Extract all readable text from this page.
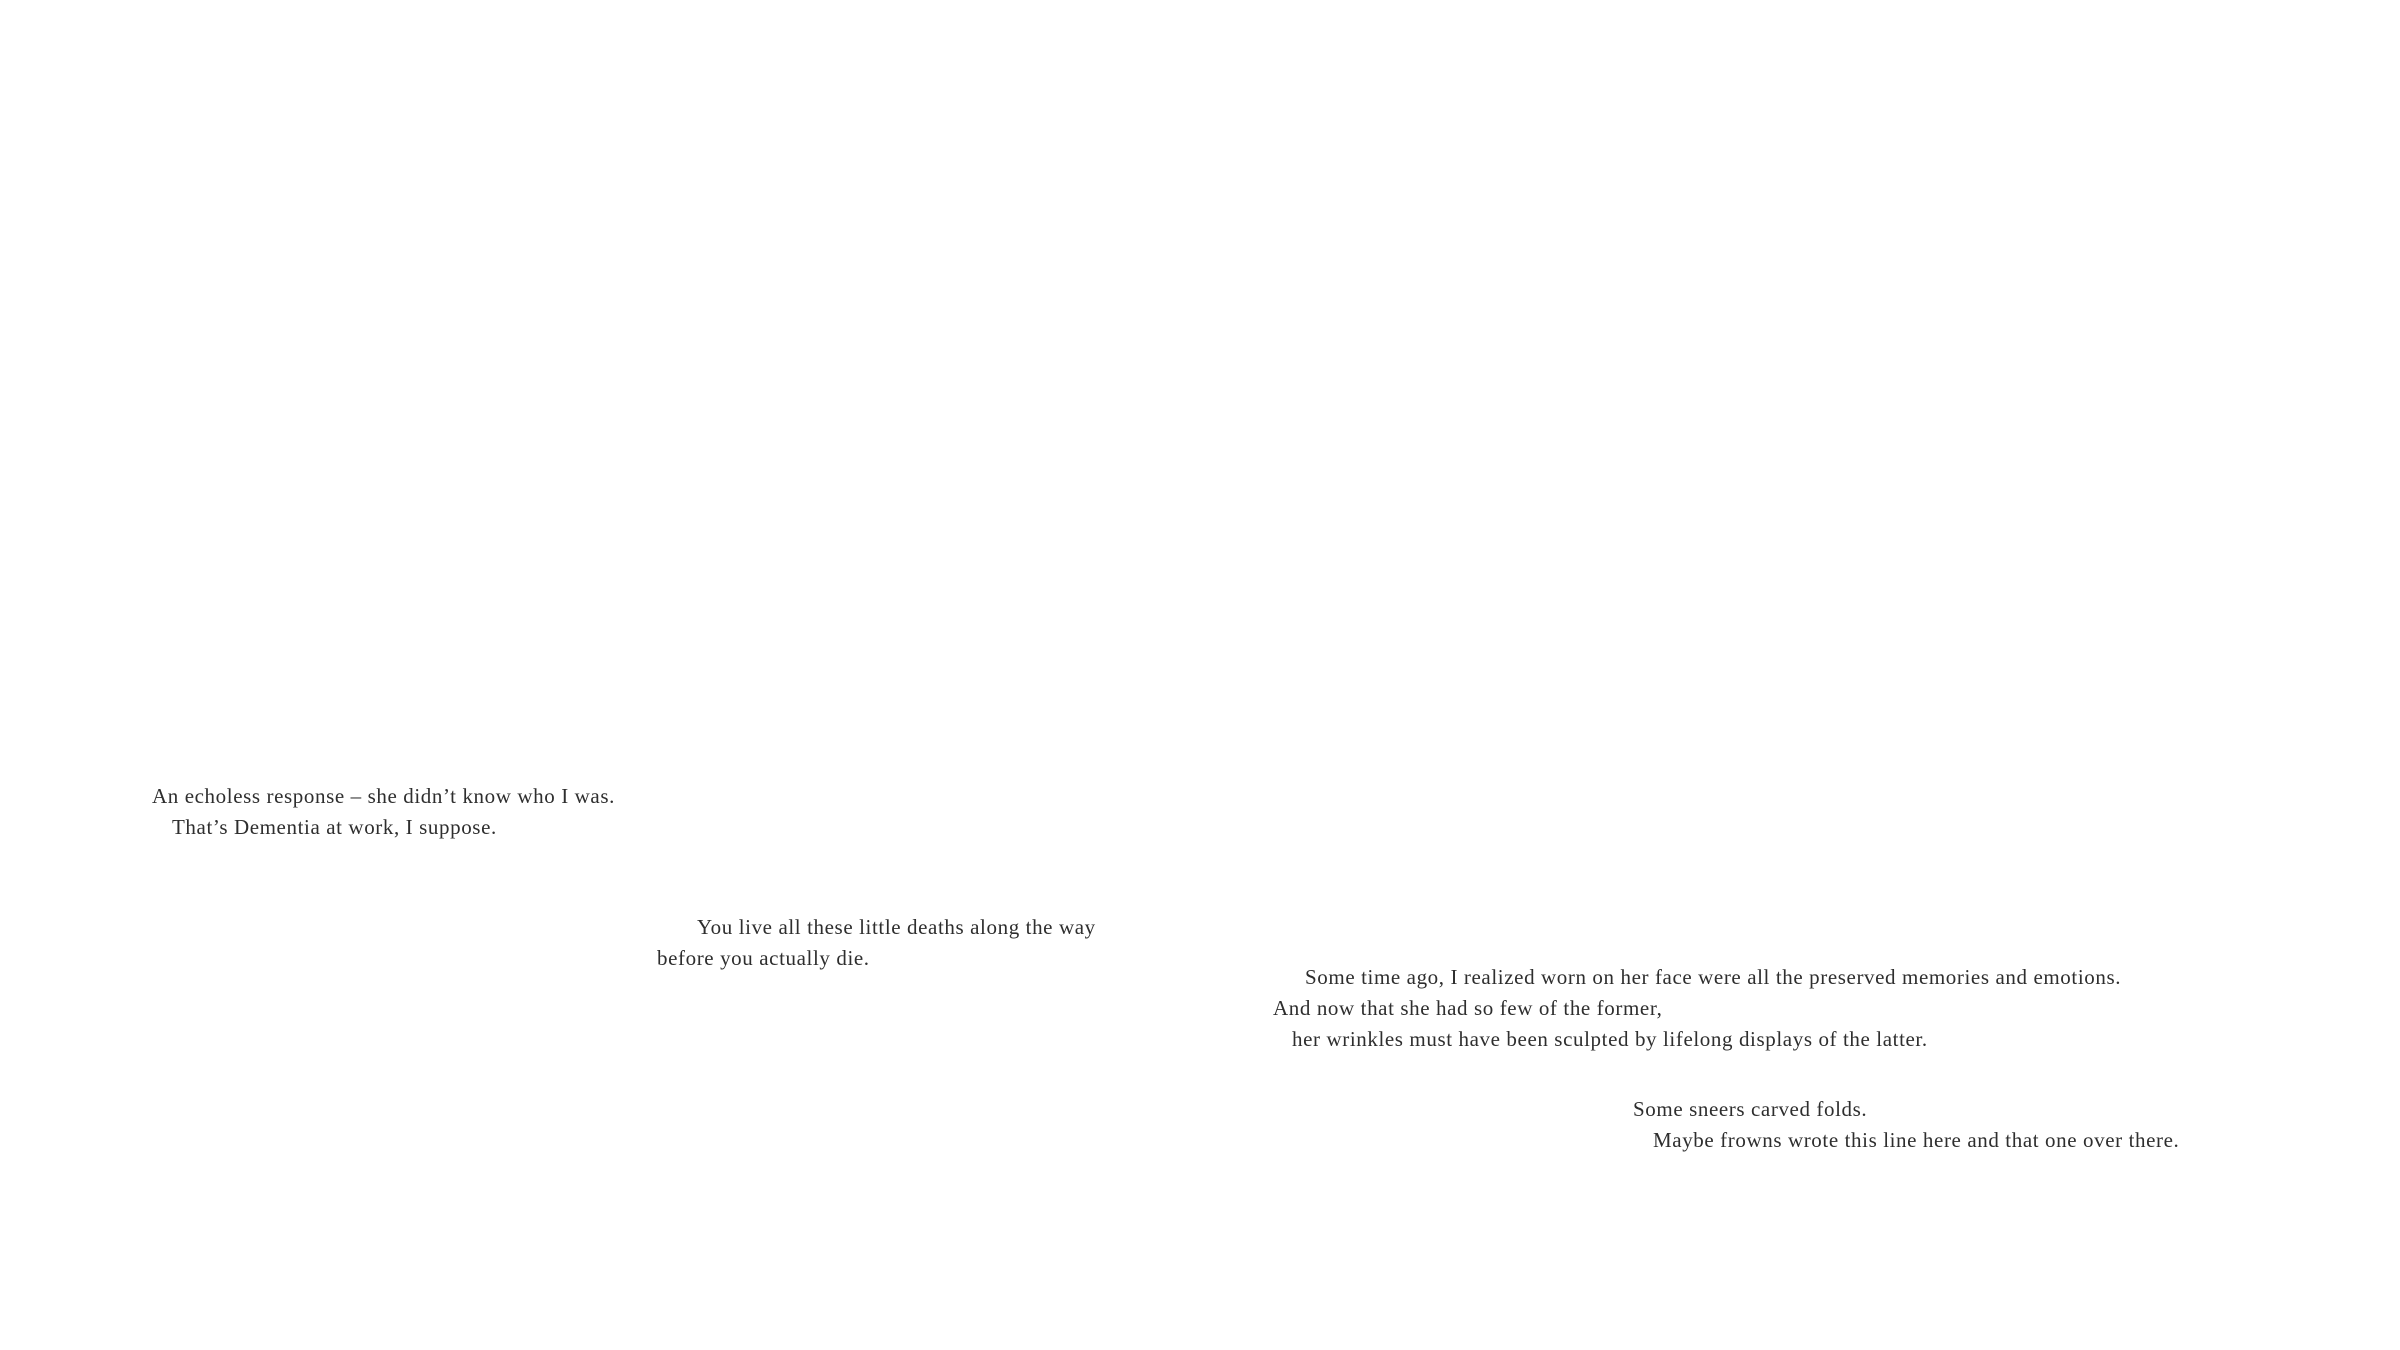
An echoless response – she didn’t know who I was.
That’s Dementia at work, I suppose.
You live all these little deaths along the way
before you actually die.
Some time ago, I realized worn on her face were all the preserved memories and emotions.
And now that she had so few of the former,
her wrinkles must have been sculpted by lifelong displays of the latter.
Some sneers carved folds.
Maybe frowns wrote this line here and that one over there.
